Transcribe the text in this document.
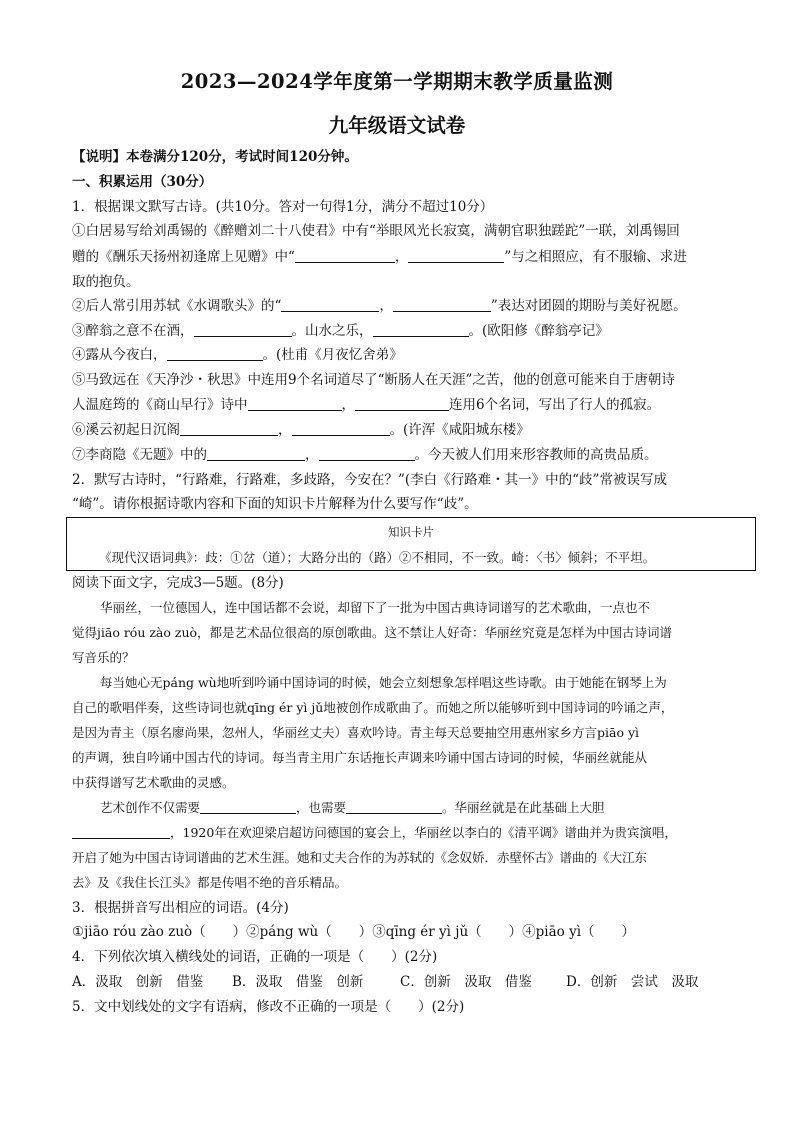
2023—2024学年度第一学期期末教学质量监测
九年级语文试卷
【说明】本卷满分120分，考试时间120分钟。
一、积累运用（30分）
1．根据课文默写古诗。(共10分。答对一句得1分，满分不超过10分）
①白居易写给刘禹锡的《醉赠刘二十八使君》中有“举眼风光长寂寞，满朝官职独蹉跎”一联，刘禹锡回
赠的《酬乐天扬州初逢席上见赠》中“	，	”与之相照应，有不服输、求进
取的抱负。
②后人常引用苏轼《水调歌头》的“	，	”表达对团圆的期盼与美好祝愿。
③醉翁之意不在酒，	。山水之乐，	。(欧阳修《醉翁亭记》
④露从今夜白，	。(杜甫《月夜忆舍弟》
⑤马致远在《天净沙・秋思》中连用9个名词道尽了“断肠人在天涯”之苦，他的创意可能来自于唐朝诗
人温庭筠的《商山早行》诗中	，	连用6个名词，写出了行人的孤寂。
⑥溪云初起日沉阁	，	。(许浑《咸阳城东楼》
⑦李商隐《无题》中的	，	。今天被人们用来形容教师的高贵品质。
2．默写古诗时，“行路难，行路难，多歧路，今安在？”(李白《行路难・其一》中的“歧”常被误写成
“崎”。请你根据诗歌内容和下面的知识卡片解释为什么要写作“歧”。
知识卡片
《现代汉语词典》：歧：①岔（道）；大路分出的（路）②不相同，不一致。崎：〈书〉倾斜；不平坦。
阅读下面文字，完成3—5题。(8分)
华丽丝，一位德国人，连中国话都不会说，却留下了一批为中国古典诗词谱写的艺术歌曲，一点也不
觉得jiāo róu zào zuò，都是艺术品位很高的原创歌曲。这不禁让人好奇：华丽丝究竟是怎样为中国古诗词谱
写音乐的？
每当她心无páng wù地听到吟诵中国诗词的时候，她会立刻想象怎样唱这些诗歌。由于她能在钢琴上为
自己的歌唱伴奏，这些诗词也就qīng ér yì jǔ地被创作成歌曲了。而她之所以能够听到中国诗词的吟诵之声，
是因为青主（原名廖尚果，忽州人，华丽丝丈夫）喜欢吟诗。青主每天总要抽空用惠州家乡方言piāo yì
的声调，独自吟诵中国古代的诗词。每当青主用广东话拖长声调来吟诵中国古诗词的时候，华丽丝就能从
中获得谱写艺术歌曲的灵感。
艺术创作不仅需要	，也需要	。华丽丝就是在此基础上大胆
，1920年在欢迎梁启超访问德国的宴会上，华丽丝以李白的《清平调》谱曲并为贵宾演唱，
开启了她为中国古诗词谱曲的艺术生涯。她和丈夫合作的为苏轼的《念奴娇．赤壁怀古》谱曲的《大江东
去》及《我住长江头》都是传唱不绝的音乐精品。
3．根据拼音写出相应的词语。(4分)
①jiāo róu zào zuò（　　）②páng wù（　　）③qīng ér yì jǔ（　　）④piāo yì（　　）
4．下列依次填入横线处的词语，正确的一项是（　　）(2分)
A．汲取　创新　借鉴 B．汲取　借鉴　创新	C．创新　汲取　借鉴	D．创新　尝试　汲取
5．文中划线处的文字有语病，修改不正确的一项是（　　）(2分)
